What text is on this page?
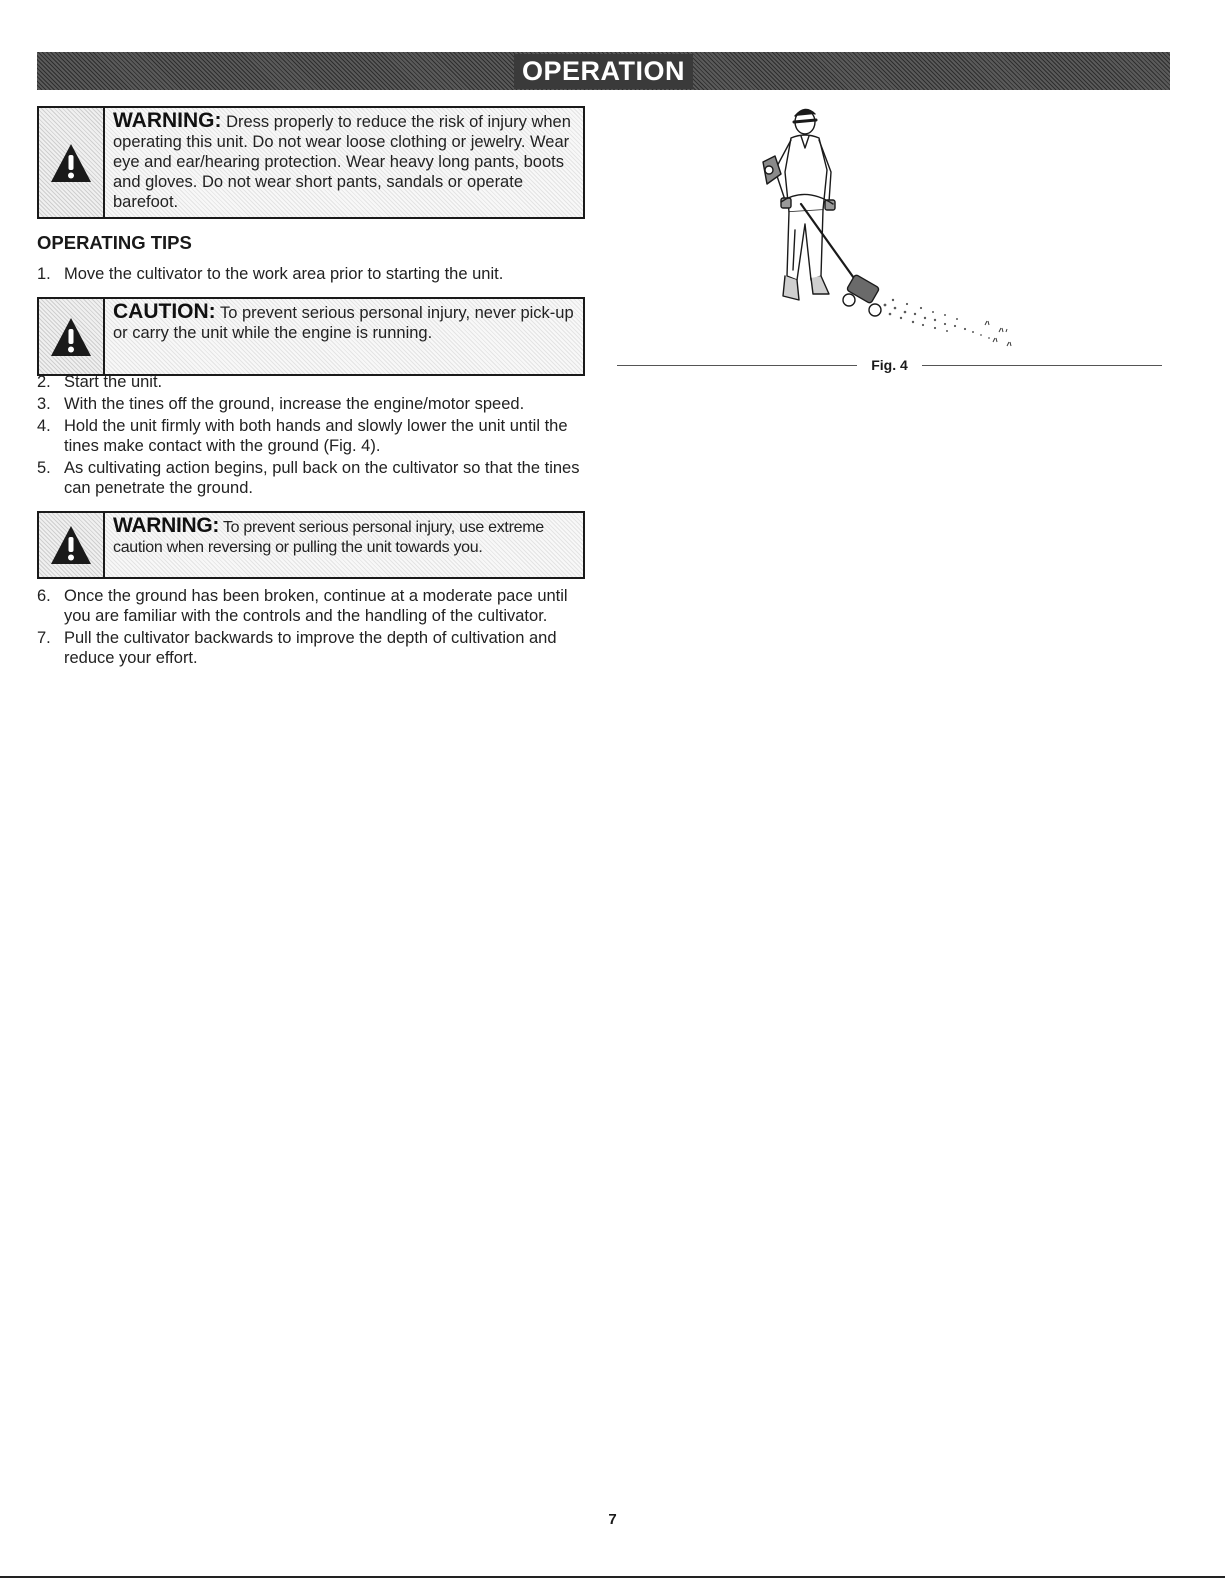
OPERATION
WARNING: Dress properly to reduce the risk of injury when operating this unit. Do not wear loose clothing or jewelry. Wear eye and ear/hearing protection. Wear heavy long pants, boots and gloves. Do not wear short pants, sandals or operate barefoot.
OPERATING TIPS
1. Move the cultivator to the work area prior to starting the unit.
CAUTION: To prevent serious personal injury, never pick-up or carry the unit while the engine is running.
2. Start the unit.
3. With the tines off the ground, increase the engine/motor speed.
4. Hold the unit firmly with both hands and slowly lower the unit until the tines make contact with the ground (Fig. 4).
5. As cultivating action begins, pull back on the cultivator so that the tines can penetrate the ground.
WARNING: To prevent serious personal injury, use extreme caution when reversing or pulling the unit towards you.
6. Once the ground has been broken, continue at a moderate pace until you are familiar with the controls and the handling of the cultivator.
7. Pull the cultivator backwards to improve the depth of cultivation and reduce your effort.
Fig. 4
7
